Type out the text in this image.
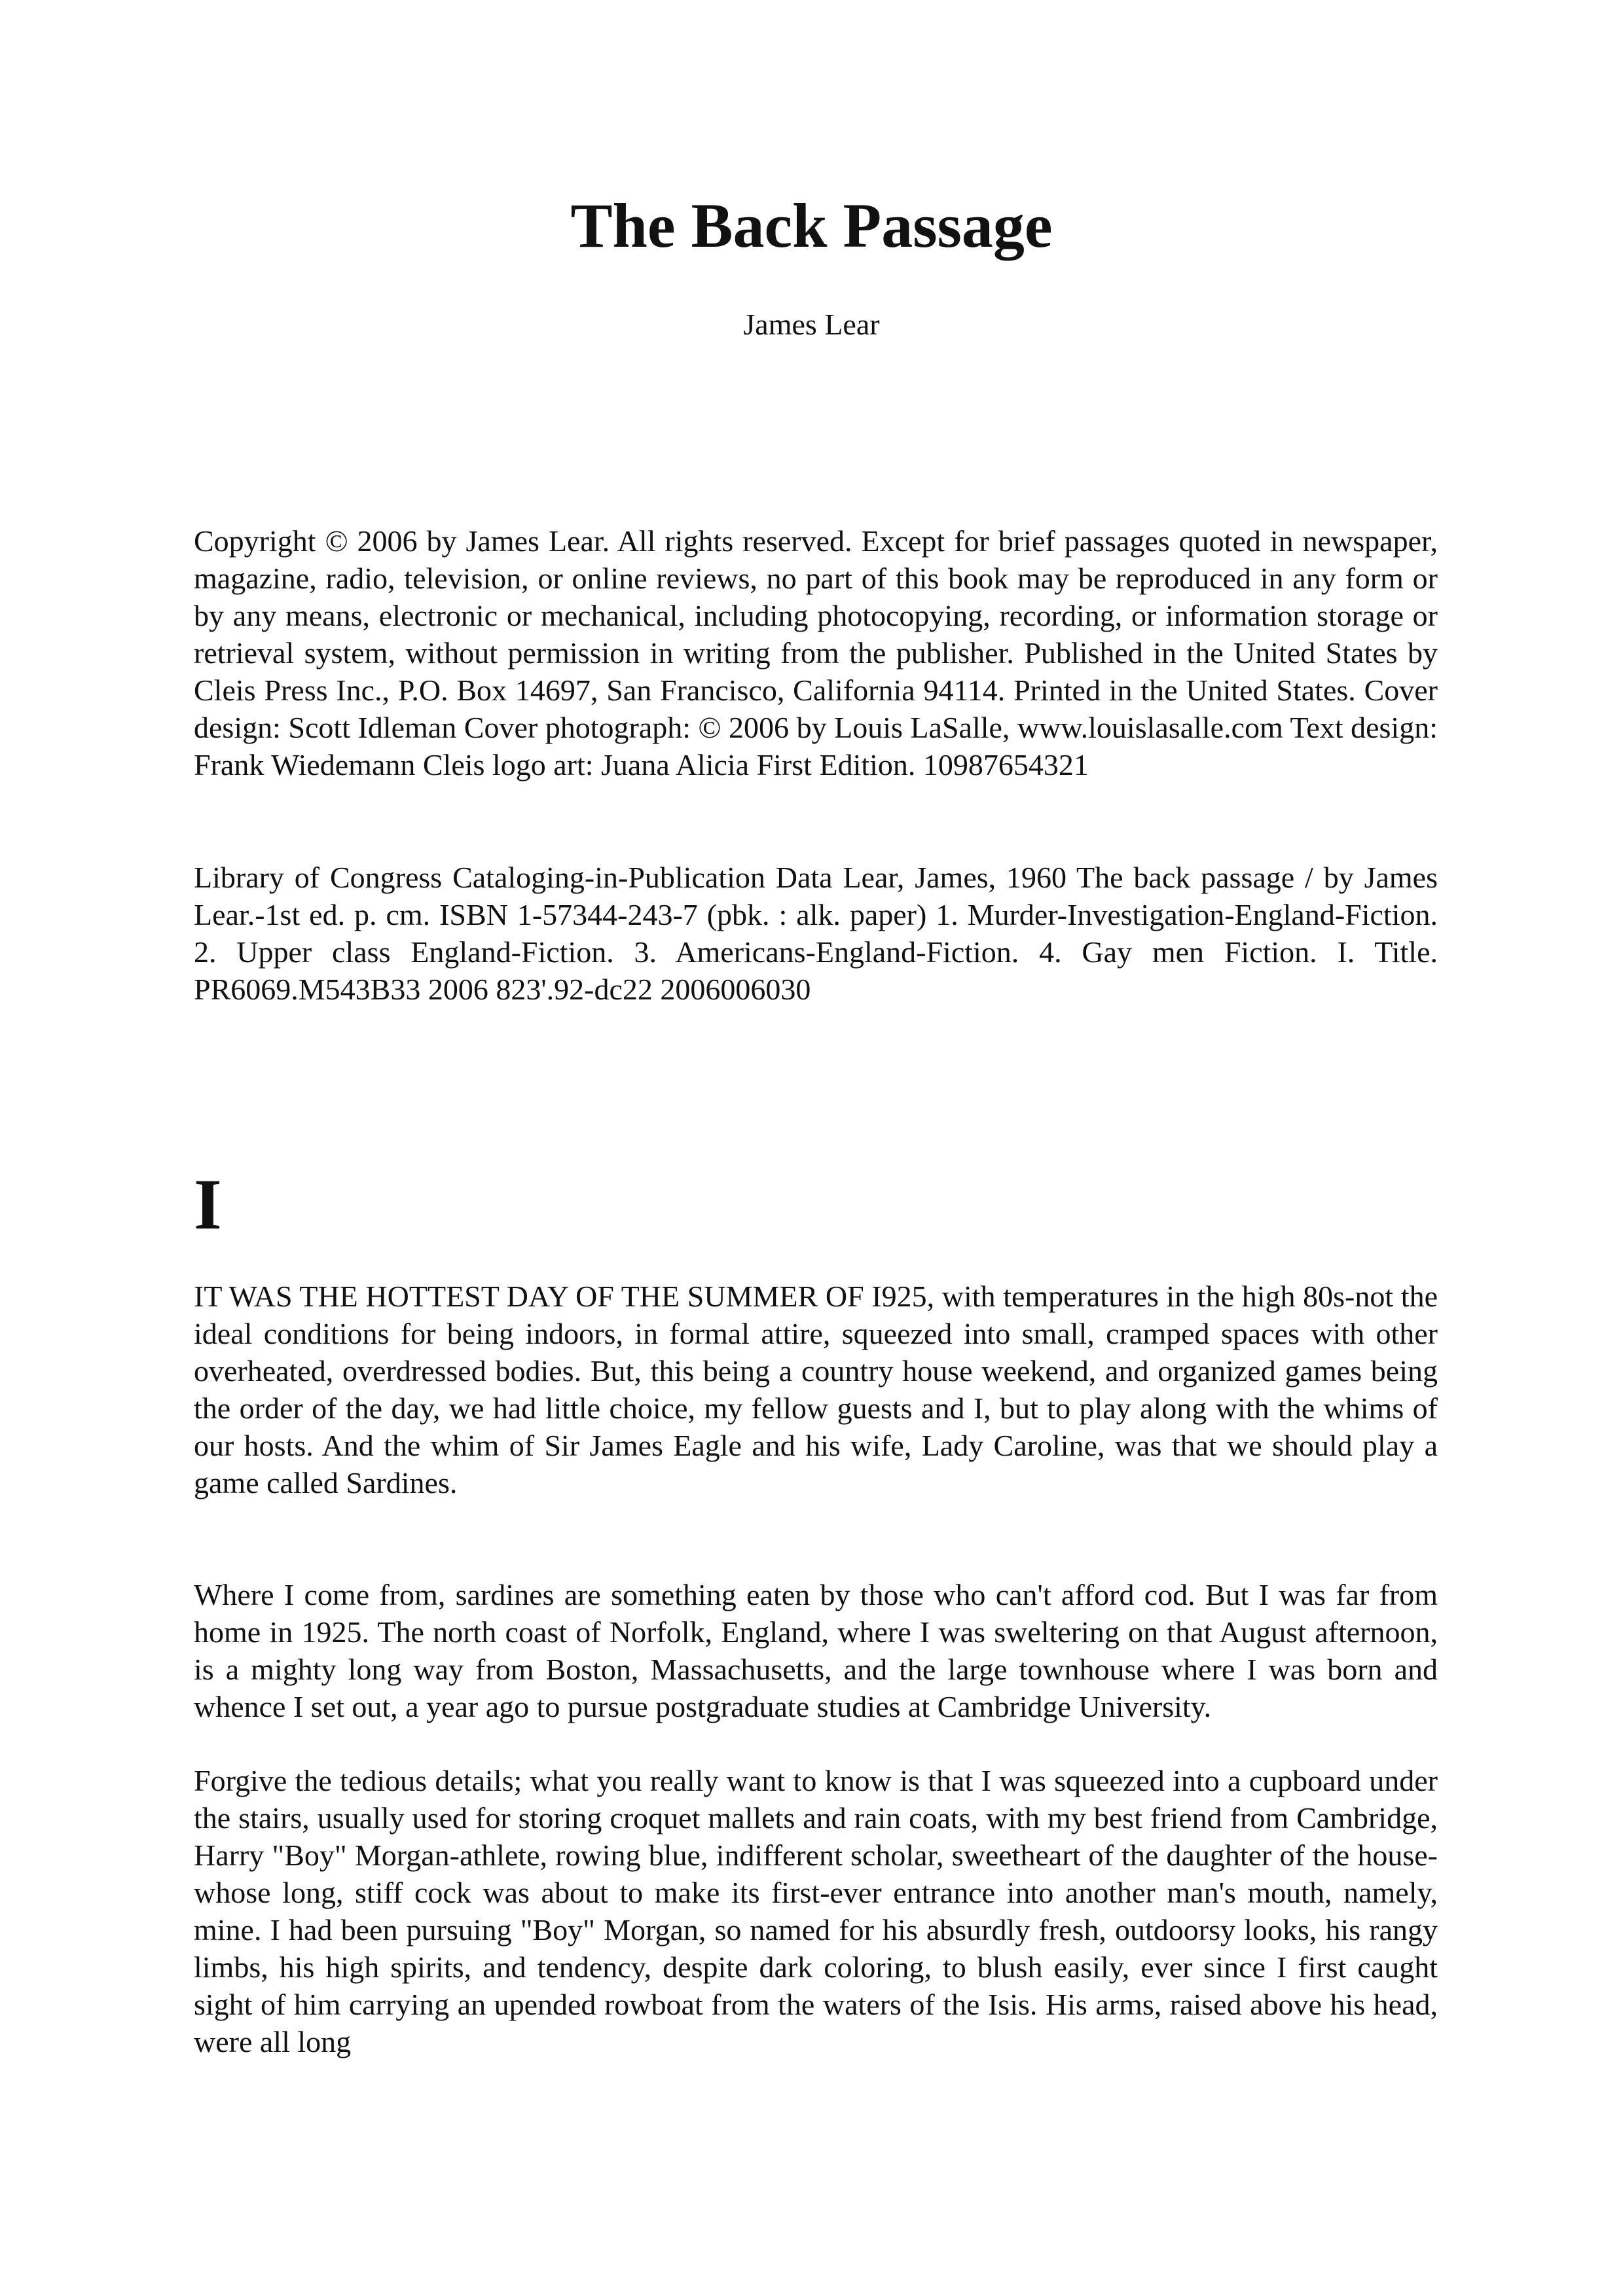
The Back Passage

James Lear

Copyright © 2006 by James Lear. All rights reserved. Except for brief passages quoted in newspaper, magazine, radio, television, or online reviews, no part of this book may be reproduced in any form or by any means, electronic or mechanical, including photocopying, recording, or information storage or retrieval system, without permission in writing from the publisher. Published in the United States by Cleis Press Inc., P.O. Box 14697, San Francisco, California 94114. Printed in the United States. Cover design: Scott Idleman Cover photograph: © 2006 by Louis LaSalle, www.louislasalle.com Text design: Frank Wiedemann Cleis logo art: Juana Alicia First Edition. 10987654321

Library of Congress Cataloging-in-Publication Data Lear, James, 1960 The back passage / by James Lear.-1st ed. p. cm. ISBN 1-57344-243-7 (pbk. : alk. paper) 1. Murder-Investigation-England-Fiction. 2. Upper class England-Fiction. 3. Americans-England-Fiction. 4. Gay men Fiction. I. Title. PR6069.M543B33 2006 823'.92-dc22 2006006030

I

IT WAS THE HOTTEST DAY OF THE SUMMER OF I925, with temperatures in the high 80s-not the ideal conditions for being indoors, in formal attire, squeezed into small, cramped spaces with other overheated, overdressed bodies. But, this being a country house weekend, and organized games being the order of the day, we had little choice, my fellow guests and I, but to play along with the whims of our hosts. And the whim of Sir James Eagle and his wife, Lady Caroline, was that we should play a game called Sardines.

Where I come from, sardines are something eaten by those who can't afford cod. But I was far from home in 1925. The north coast of Norfolk, England, where I was sweltering on that August afternoon, is a mighty long way from Boston, Massachusetts, and the large townhouse where I was born and whence I set out, a year ago to pursue postgraduate studies at Cambridge University.

Forgive the tedious details; what you really want to know is that I was squeezed into a cupboard under the stairs, usually used for storing croquet mallets and rain coats, with my best friend from Cambridge, Harry "Boy" Morgan-athlete, rowing blue, indifferent scholar, sweetheart of the daughter of the house-whose long, stiff cock was about to make its first-ever entrance into another man's mouth, namely, mine. I had been pursuing "Boy" Morgan, so named for his absurdly fresh, outdoorsy looks, his rangy limbs, his high spirits, and tendency, despite dark coloring, to blush easily, ever since I first caught sight of him carrying an upended rowboat from the waters of the Isis. His arms, raised above his head, were all long
